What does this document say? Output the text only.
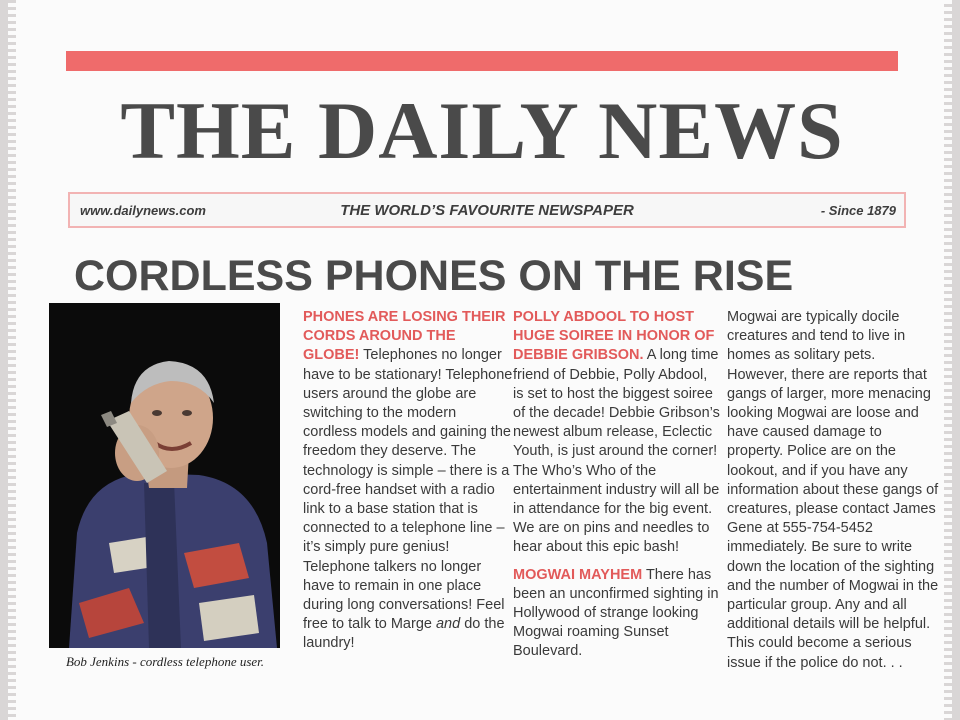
THE DAILY NEWS
www.dailynews.com	THE WORLD’S FAVOURITE NEWSPAPER	- Since 1879
CORDLESS PHONES ON THE RISE
Bob Jenkins - cordless telephone user.

PHONES ARE LOSING THEIR CORDS AROUND THE GLOBE! Telephones no longer have to be stationary! Telephone users around the globe are switching to the modern cordless models and gaining the freedom they deserve. The technology is simple – there is a cord-free handset with a radio link to a base station that is connected to a telephone line – it’s simply pure genius! Telephone talkers no longer have to remain in one place during long conversations! Feel free to talk to Marge and do the laundry!

POLLY ABDOOL TO HOST HUGE SOIREE IN HONOR OF DEBBIE GRIBSON. A long time friend of Debbie, Polly Abdool, is set to host the biggest soiree of the decade! Debbie Gribson’s newest album release, Eclectic Youth, is just around the corner! The Who’s Who of the entertainment industry will all be in attendance for the big event. We are on pins and needles to hear about this epic bash!

MOGWAI MAYHEM There has been an unconfirmed sighting in Hollywood of strange looking Mogwai roaming Sunset Boulevard.

Mogwai are typically docile creatures and tend to live in homes as solitary pets. However, there are reports that gangs of larger, more menacing looking Mogwai are loose and have caused damage to property. Police are on the lookout, and if you have any information about these gangs of creatures, please contact James Gene at 555-754-5452 immediately. Be sure to write down the location of the sighting and the number of Mogwai in the particular group. Any and all additional details will be helpful. This could become a serious issue if the police do not. . .
